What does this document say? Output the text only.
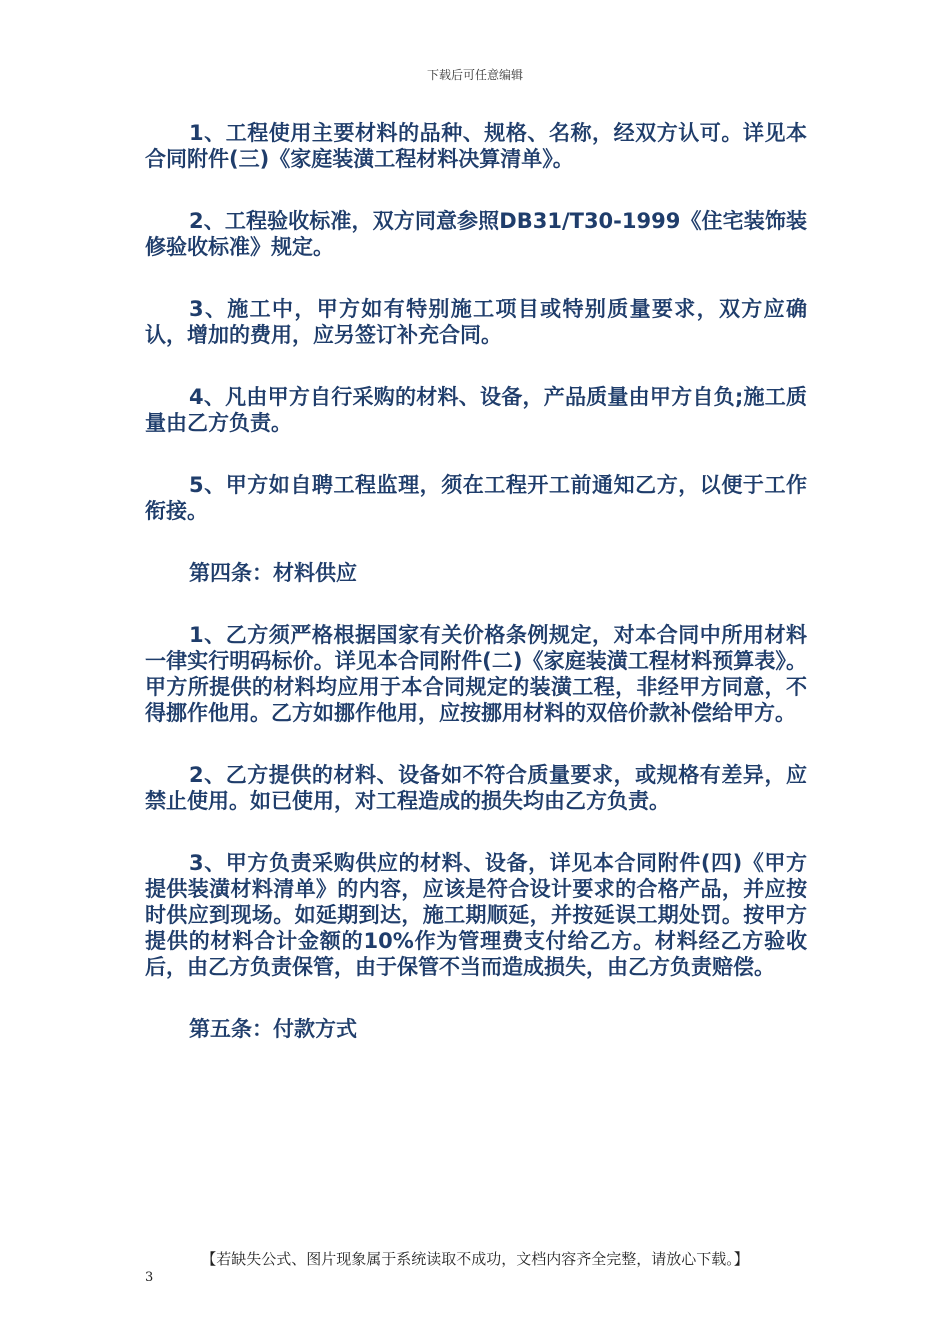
下载后可任意编辑

1、工程使用主要材料的品种、规格、名称，经双方认可。详见本合同附件(三)《家庭装潢工程材料决算清单》。

2、工程验收标准，双方同意参照DB31/T30-1999《住宅装饰装修验收标准》规定。

3、施工中，甲方如有特别施工项目或特别质量要求，双方应确认，增加的费用，应另签订补充合同。

4、凡由甲方自行采购的材料、设备，产品质量由甲方自负;施工质量由乙方负责。

5、甲方如自聘工程监理，须在工程开工前通知乙方，以便于工作衔接。

第四条：材料供应

1、乙方须严格根据国家有关价格条例规定，对本合同中所用材料一律实行明码标价。详见本合同附件(二)《家庭装潢工程材料预算表》。甲方所提供的材料均应用于本合同规定的装潢工程，非经甲方同意，不得挪作他用。乙方如挪作他用，应按挪用材料的双倍价款补偿给甲方。

2、乙方提供的材料、设备如不符合质量要求，或规格有差异，应禁止使用。如已使用，对工程造成的损失均由乙方负责。

3、甲方负责采购供应的材料、设备，详见本合同附件(四)《甲方提供装潢材料清单》的内容，应该是符合设计要求的合格产品，并应按时供应到现场。如延期到达，施工期顺延，并按延误工期处罚。按甲方提供的材料合计金额的10%作为管理费支付给乙方。材料经乙方验收后，由乙方负责保管，由于保管不当而造成损失，由乙方负责赔偿。

第五条：付款方式

【若缺失公式、图片现象属于系统读取不成功，文档内容齐全完整，请放心下载。】
3
